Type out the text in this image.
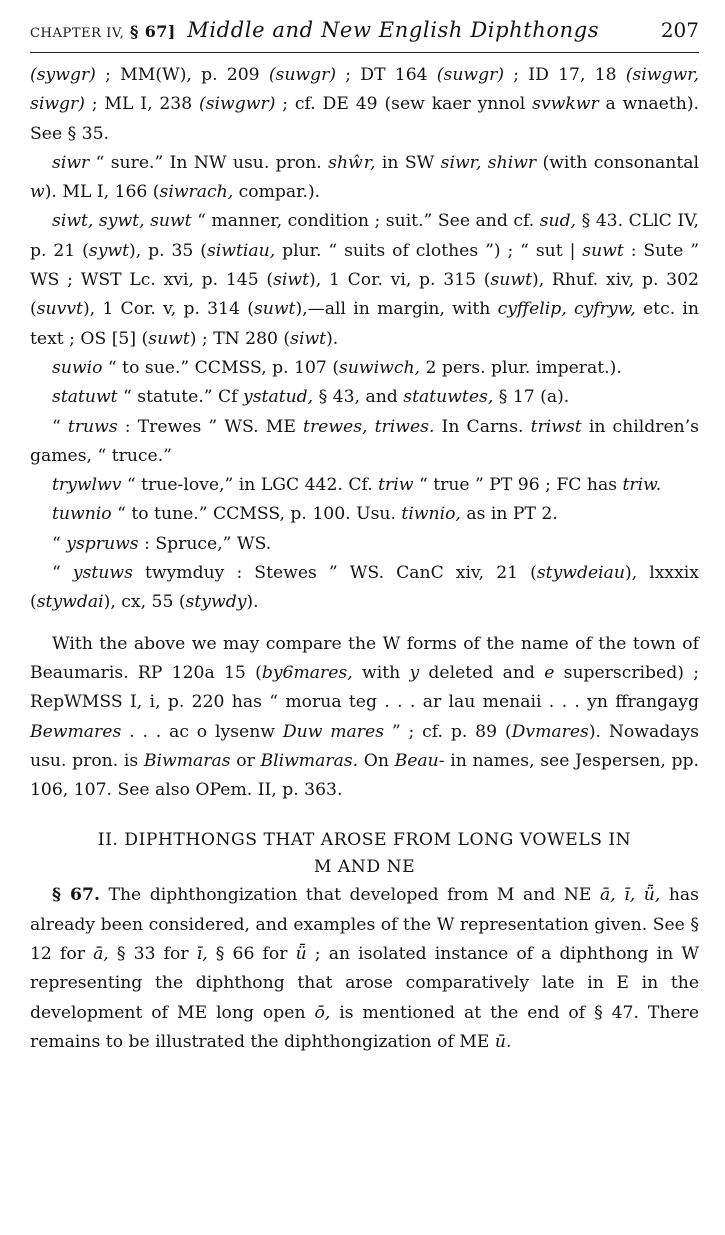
CHAPTER IV, § 67] Middle and New English Diphthongs	207

(sywgr) ; MM(W), p. 209 (suwgr) ; DT 164 (suwgr) ; ID 17, 18 (siwgwr, siwgr) ; ML I, 238 (siwgwr) ; cf. DE 49 (sew kaer ynnol svwkwr a wnaeth). See § 35.

siwr “ sure.” In NW usu. pron. shŵr, in SW siwr, shiwr (with consonantal w). ML I, 166 (siwrach, compar.).

siwt, sywt, suwt “ manner, condition ; suit.” See and cf. sud, § 43. CLlC IV, p. 21 (sywt), p. 35 (siwtiau, plur. “ suits of clothes ”) ; “ sut | suwt : Sute ” WS ; WST Lc. xvi, p. 145 (siwt), 1 Cor. vi, p. 315 (suwt), Rhuf. xiv, p. 302 (suvvt), 1 Cor. v, p. 314 (suwt),—all in margin, with cyffelip, cyfryw, etc. in text ; OS [5] (suwt) ; TN 280 (siwt).

suwio “ to sue.” CCMSS, p. 107 (suwiwch, 2 pers. plur. imperat.).

statuwt “ statute.” Cf ystatud, § 43, and statuwtes, § 17 (a).

“ truws : Trewes ” WS. ME trewes, triwes. In Carns. triwst in children’s games, “ truce.”

trywlwv “ true-love,” in LGC 442. Cf. triw “ true ” PT 96 ; FC has triw.

tuwnio “ to tune.” CCMSS, p. 100. Usu. tiwnio, as in PT 2.

“ yspruws : Spruce,” WS.

“ ystuws twymduy : Stewes ” WS. CanC xiv, 21 (stywdeiau), lxxxix (stywdai), cx, 55 (stywdy).

With the above we may compare the W forms of the name of the town of Beaumaris. RP 120a 15 (by6mares, with y deleted and e superscribed) ; RepWMSS I, i, p. 220 has “ morua teg . . . ar lau menaii . . . yn ffrangayg Bewmares . . . ac o lysenw Duw mares ” ; cf. p. 89 (Dvmares). Nowadays usu. pron. is Biwmaras or Bliwmaras. On Beau- in names, see Jespersen, pp. 106, 107. See also OPem. II, p. 363.

II. DIPHTHONGS THAT AROSE FROM LONG VOWELS IN
M AND NE

§ 67. The diphthongization that developed from M and NE ā, ī, ǖ, has already been considered, and examples of the W representation given. See § 12 for ā, § 33 for ī, § 66 for ǖ ; an isolated instance of a diphthong in W representing the diphthong that arose comparatively late in E in the development of ME long open ō, is mentioned at the end of § 47. There remains to be illustrated the diphthongization of ME ū.
